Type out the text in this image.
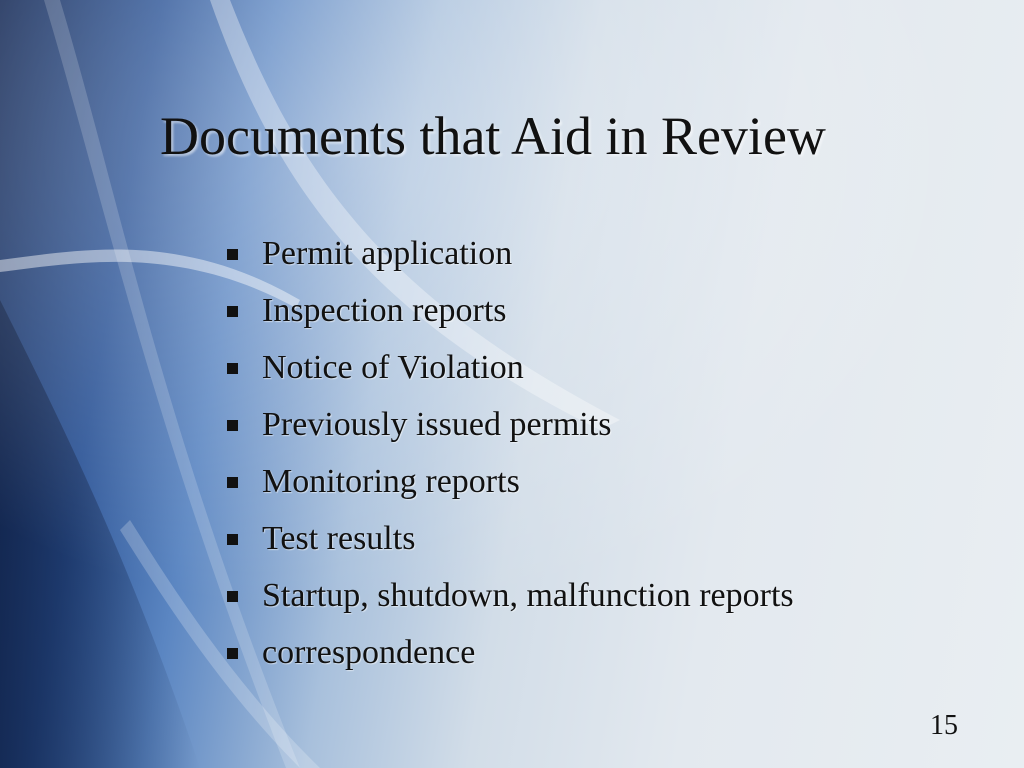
Documents that Aid in Review
Permit application
Inspection reports
Notice of Violation
Previously issued permits
Monitoring reports
Test results
Startup, shutdown, malfunction reports
correspondence
15
